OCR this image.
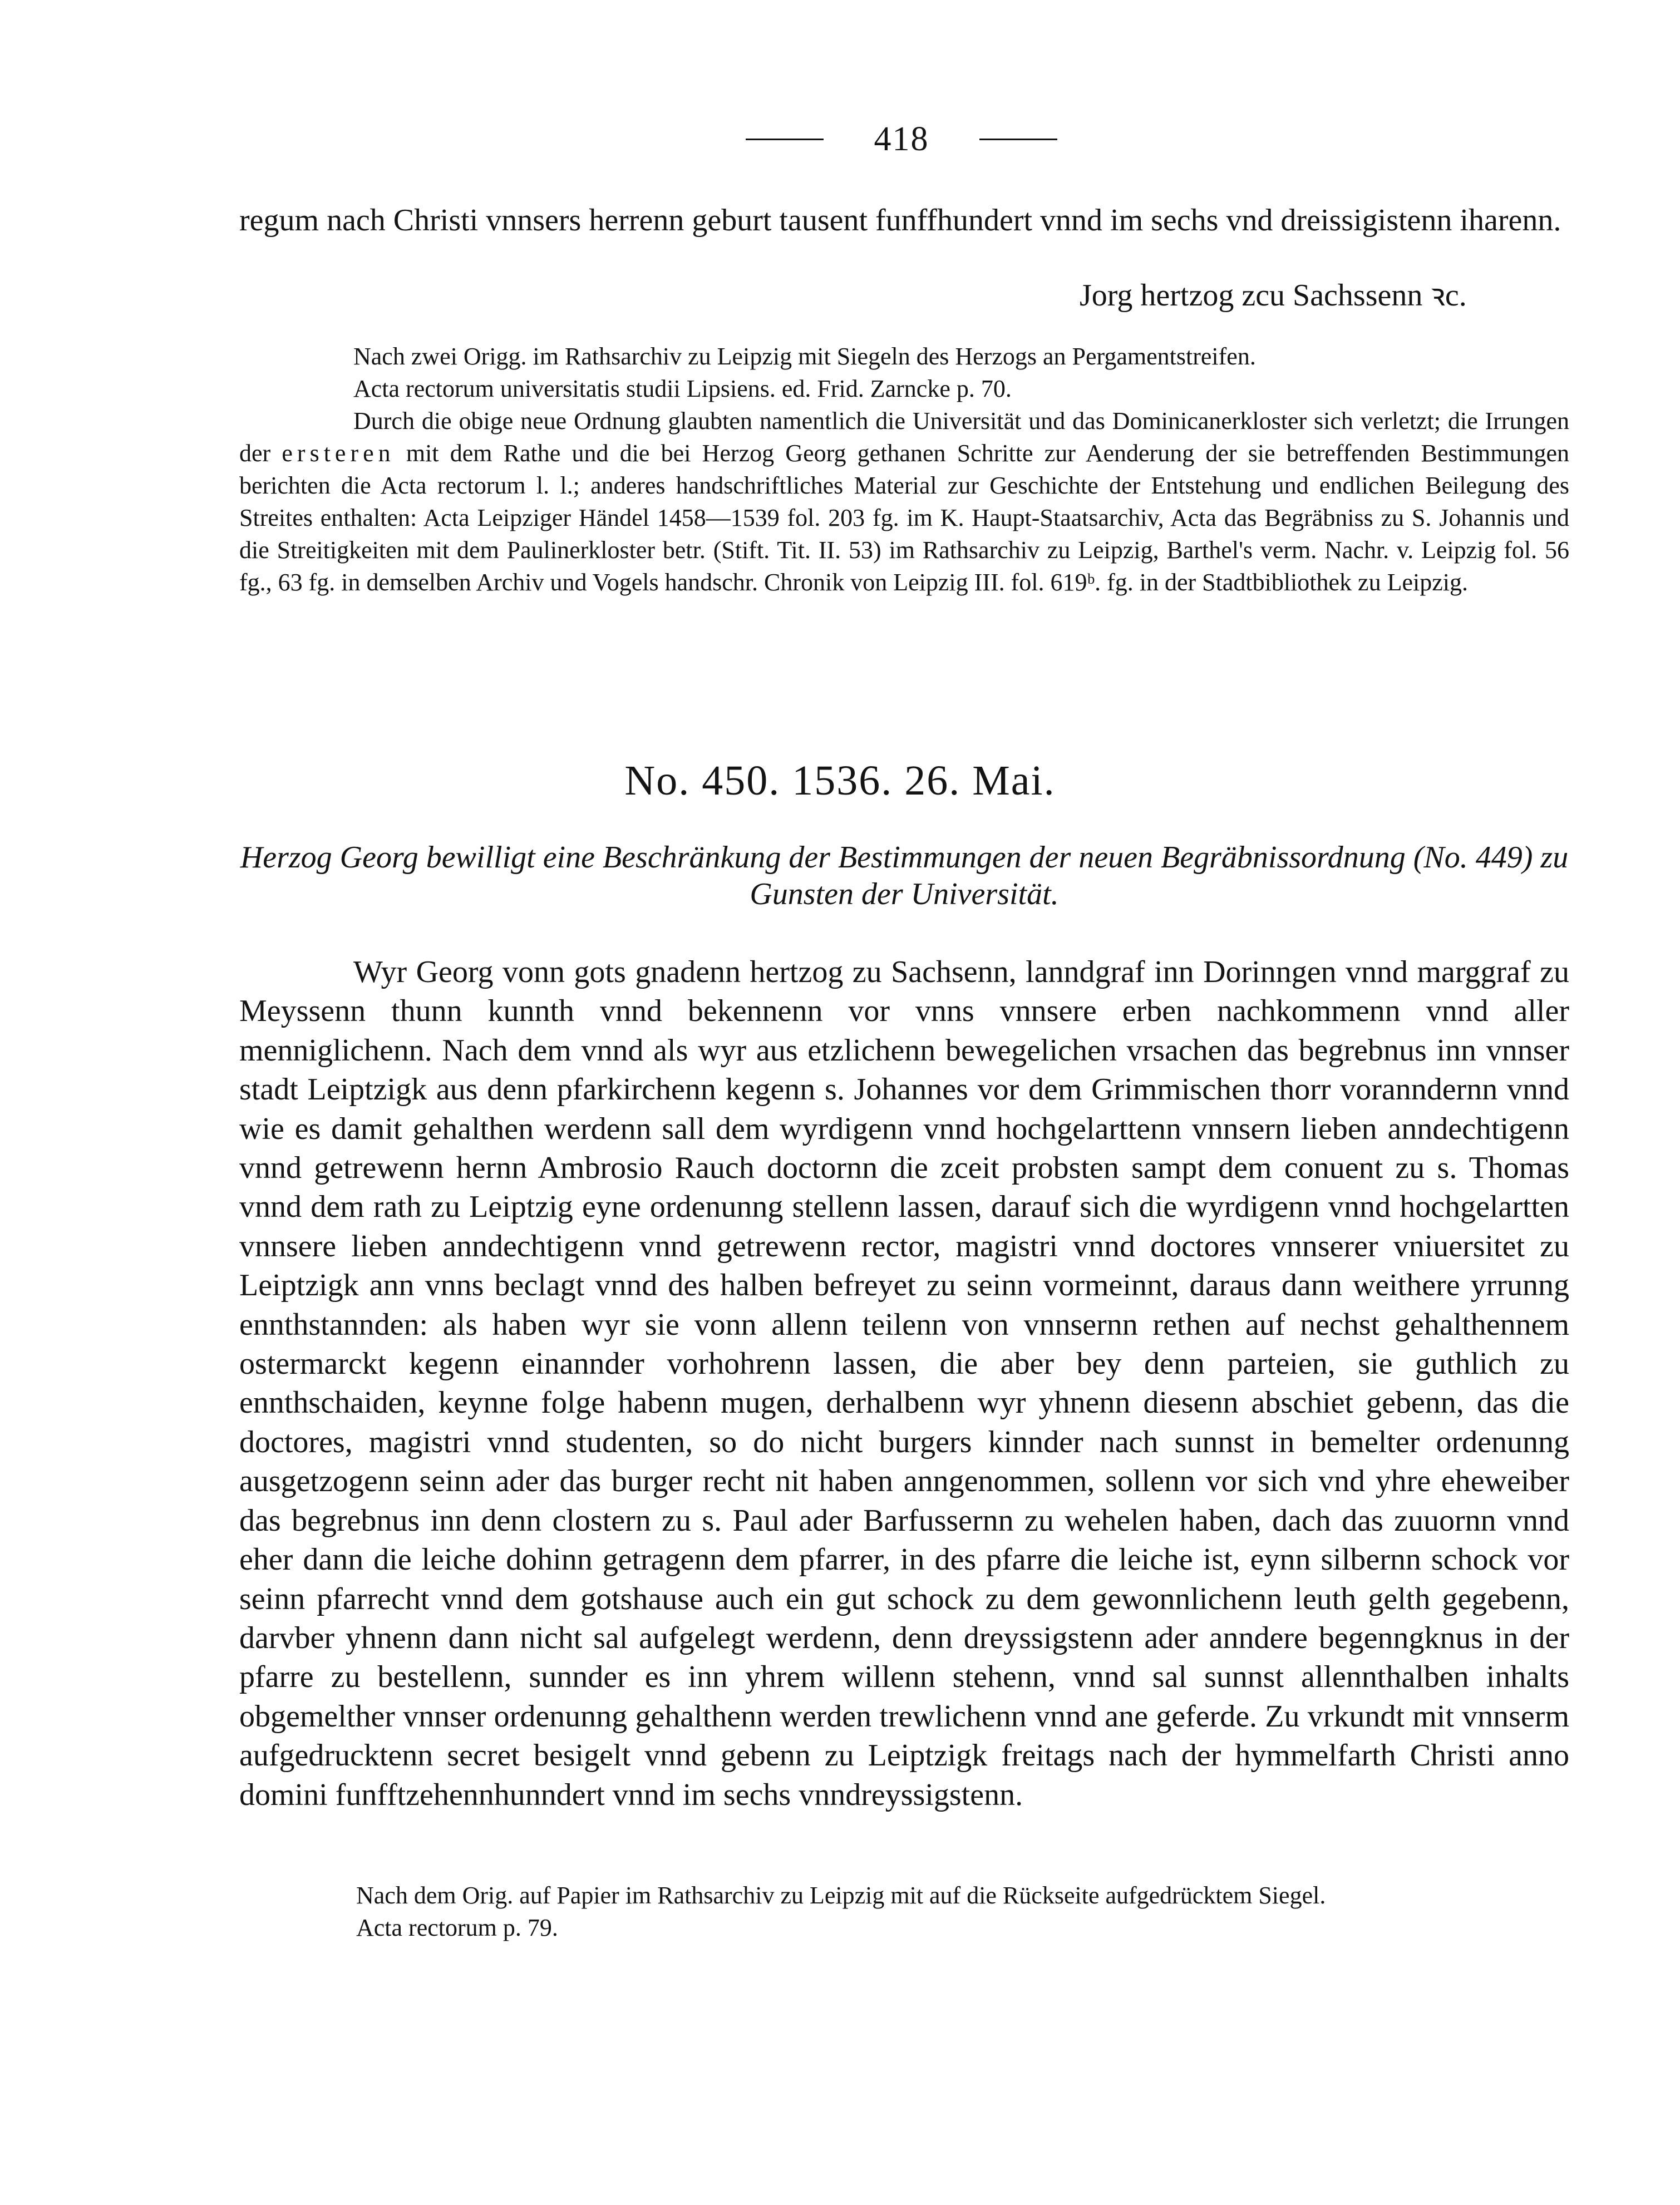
418
regum nach Christi vnnsers herrenn geburt tausent funffhundert vnnd im sechs vnd dreissigistenn iharenn.
Jorg hertzog zcu Sachssenn ꝛc.

Nach zwei Origg. im Rathsarchiv zu Leipzig mit Siegeln des Herzogs an Pergamentstreifen.

Acta rectorum universitatis studii Lipsiens. ed. Frid. Zarncke p. 70.

Durch die obige neue Ordnung glaubten namentlich die Universität und das Dominicanerkloster sich verletzt; die Irrungen der ersteren mit dem Rathe und die bei Herzog Georg gethanen Schritte zur Aenderung der sie betreffenden Bestimmungen berichten die Acta rectorum l. l.; anderes handschriftliches Material zur Geschichte der Entstehung und endlichen Beilegung des Streites enthalten: Acta Leipziger Händel 1458—1539 fol. 203 fg. im K. Haupt-Staatsarchiv, Acta das Begräbniss zu S. Johannis und die Streitigkeiten mit dem Paulinerkloster betr. (Stift. Tit. II. 53) im Rathsarchiv zu Leipzig, Barthel's verm. Nachr. v. Leipzig fol. 56 fg., 63 fg. in demselben Archiv und Vogels handschr. Chronik von Leipzig III. fol. 619ᵇ. fg. in der Stadtbibliothek zu Leipzig.

No. 450. 1536. 26. Mai.
Herzog Georg bewilligt eine Beschränkung der Bestimmungen der neuen Begräbnissordnung (No. 449) zu Gunsten der Universität.
Wyr Georg vonn gots gnadenn hertzog zu Sachsenn, lanndgraf inn Dorinngen vnnd marggraf zu Meyssenn thunn kunnth vnnd bekennenn vor vnns vnnsere erben nachkommenn vnnd aller menniglichenn. Nach dem vnnd als wyr aus etzlichenn bewegelichen vrsachen das begrebnus inn vnnser stadt Leiptzigk aus denn pfarkirchenn kegenn s. Johannes vor dem Grimmischen thorr voranndernn vnnd wie es damit gehalthen werdenn sall dem wyrdigenn vnnd hochgelarttenn vnnsern lieben anndechtigenn vnnd getrewenn hernn Ambrosio Rauch doctornn die zceit probsten sampt dem conuent zu s. Thomas vnnd dem rath zu Leiptzig eyne ordenunng stellenn lassen, darauf sich die wyrdigenn vnnd hochgelartten vnnsere lieben anndechtigenn vnnd getrewenn rector, magistri vnnd doctores vnnserer vniuersitet zu Leiptzigk ann vnns beclagt vnnd des halben befreyet zu seinn vormeinnt, daraus dann weithere yrrunng ennthstannden: als haben wyr sie vonn allenn teilenn von vnnsernn rethen auf nechst gehalthennem ostermarckt kegenn einannder vorhohrenn lassen, die aber bey denn parteien, sie guthlich zu ennthschaiden, keynne folge habenn mugen, derhalbenn wyr yhnenn diesenn abschiet gebenn, das die doctores, magistri vnnd studenten, so do nicht burgers kinnder nach sunnst in bemelter ordenunng ausgetzogenn seinn ader das burger recht nit haben anngenommen, sollenn vor sich vnd yhre eheweiber das begrebnus inn denn clostern zu s. Paul ader Barfussernn zu wehelen haben, dach das zuuornn vnnd eher dann die leiche dohinn getragenn dem pfarrer, in des pfarre die leiche ist, eynn silbernn schock vor seinn pfarrecht vnnd dem gotshause auch ein gut schock zu dem gewonnlichenn leuth gelth gegebenn, darvber yhnenn dann nicht sal aufgelegt werdenn, denn dreyssigstenn ader anndere begenngknus in der pfarre zu bestellenn, sunnder es inn yhrem willenn stehenn, vnnd sal sunnst allennthalben inhalts obgemelther vnnser ordenunng gehalthenn werden trewlichenn vnnd ane geferde. Zu vrkundt mit vnnserm aufgedrucktenn secret besigelt vnnd gebenn zu Leiptzigk freitags nach der hymmelfarth Christi anno domini funfftzehennhunndert vnnd im sechs vnndreyssigstenn.

Nach dem Orig. auf Papier im Rathsarchiv zu Leipzig mit auf die Rückseite aufgedrücktem Siegel.

Acta rectorum p. 79.
